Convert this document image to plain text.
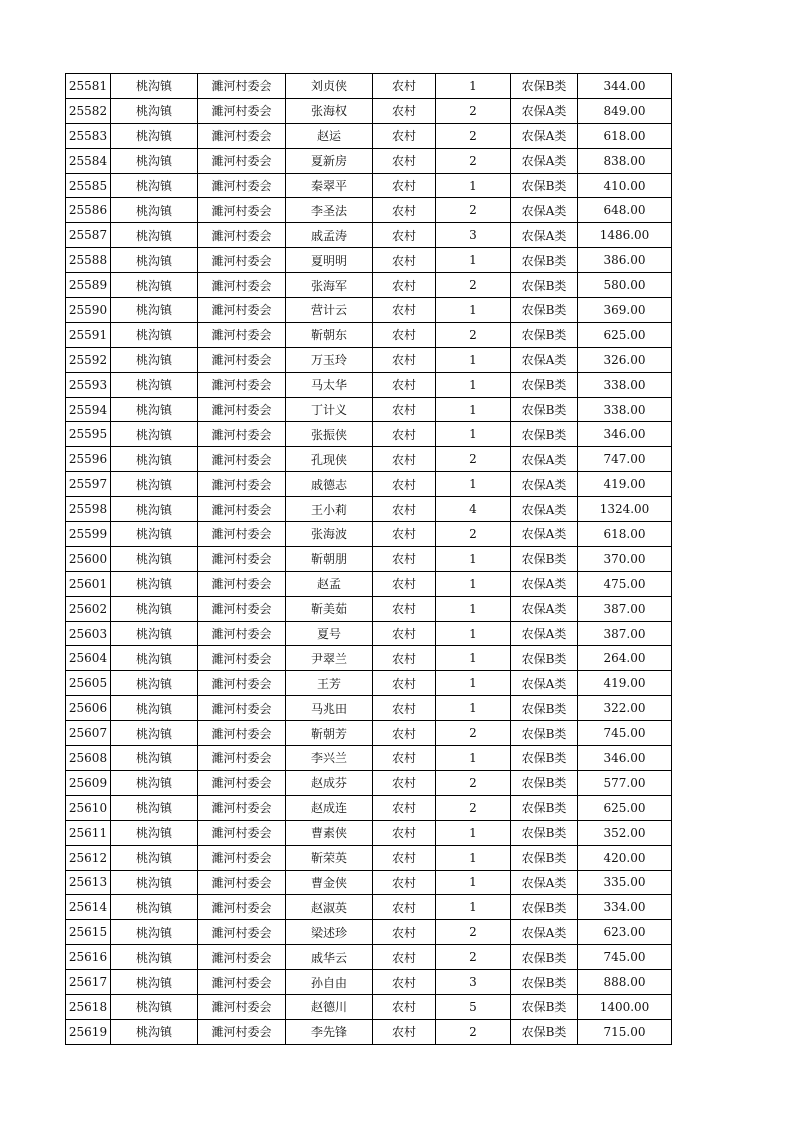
25581	桃沟镇	濉河村委会	刘贞侠	农村	1	农保B类	344.00
25582	桃沟镇	濉河村委会	张海权	农村	2	农保A类	849.00
25583	桃沟镇	濉河村委会	赵运	农村	2	农保A类	618.00
25584	桃沟镇	濉河村委会	夏新房	农村	2	农保A类	838.00
25585	桃沟镇	濉河村委会	秦翠平	农村	1	农保B类	410.00
25586	桃沟镇	濉河村委会	李圣法	农村	2	农保A类	648.00
25587	桃沟镇	濉河村委会	戚孟涛	农村	3	农保A类	1486.00
25588	桃沟镇	濉河村委会	夏明明	农村	1	农保B类	386.00
25589	桃沟镇	濉河村委会	张海军	农村	2	农保B类	580.00
25590	桃沟镇	濉河村委会	营计云	农村	1	农保B类	369.00
25591	桃沟镇	濉河村委会	靳朝东	农村	2	农保B类	625.00
25592	桃沟镇	濉河村委会	万玉玲	农村	1	农保A类	326.00
25593	桃沟镇	濉河村委会	马太华	农村	1	农保B类	338.00
25594	桃沟镇	濉河村委会	丁计义	农村	1	农保B类	338.00
25595	桃沟镇	濉河村委会	张振侠	农村	1	农保B类	346.00
25596	桃沟镇	濉河村委会	孔现侠	农村	2	农保A类	747.00
25597	桃沟镇	濉河村委会	戚德志	农村	1	农保A类	419.00
25598	桃沟镇	濉河村委会	王小莉	农村	4	农保A类	1324.00
25599	桃沟镇	濉河村委会	张海波	农村	2	农保A类	618.00
25600	桃沟镇	濉河村委会	靳朝朋	农村	1	农保B类	370.00
25601	桃沟镇	濉河村委会	赵孟	农村	1	农保A类	475.00
25602	桃沟镇	濉河村委会	靳美茹	农村	1	农保A类	387.00
25603	桃沟镇	濉河村委会	夏号	农村	1	农保A类	387.00
25604	桃沟镇	濉河村委会	尹翠兰	农村	1	农保B类	264.00
25605	桃沟镇	濉河村委会	王芳	农村	1	农保A类	419.00
25606	桃沟镇	濉河村委会	马兆田	农村	1	农保B类	322.00
25607	桃沟镇	濉河村委会	靳朝芳	农村	2	农保B类	745.00
25608	桃沟镇	濉河村委会	李兴兰	农村	1	农保B类	346.00
25609	桃沟镇	濉河村委会	赵成芬	农村	2	农保B类	577.00
25610	桃沟镇	濉河村委会	赵成连	农村	2	农保B类	625.00
25611	桃沟镇	濉河村委会	曹素侠	农村	1	农保B类	352.00
25612	桃沟镇	濉河村委会	靳荣英	农村	1	农保B类	420.00
25613	桃沟镇	濉河村委会	曹金侠	农村	1	农保A类	335.00
25614	桃沟镇	濉河村委会	赵淑英	农村	1	农保B类	334.00
25615	桃沟镇	濉河村委会	梁述珍	农村	2	农保A类	623.00
25616	桃沟镇	濉河村委会	戚华云	农村	2	农保B类	745.00
25617	桃沟镇	濉河村委会	孙自由	农村	3	农保B类	888.00
25618	桃沟镇	濉河村委会	赵德川	农村	5	农保B类	1400.00
25619	桃沟镇	濉河村委会	李先锋	农村	2	农保B类	715.00
